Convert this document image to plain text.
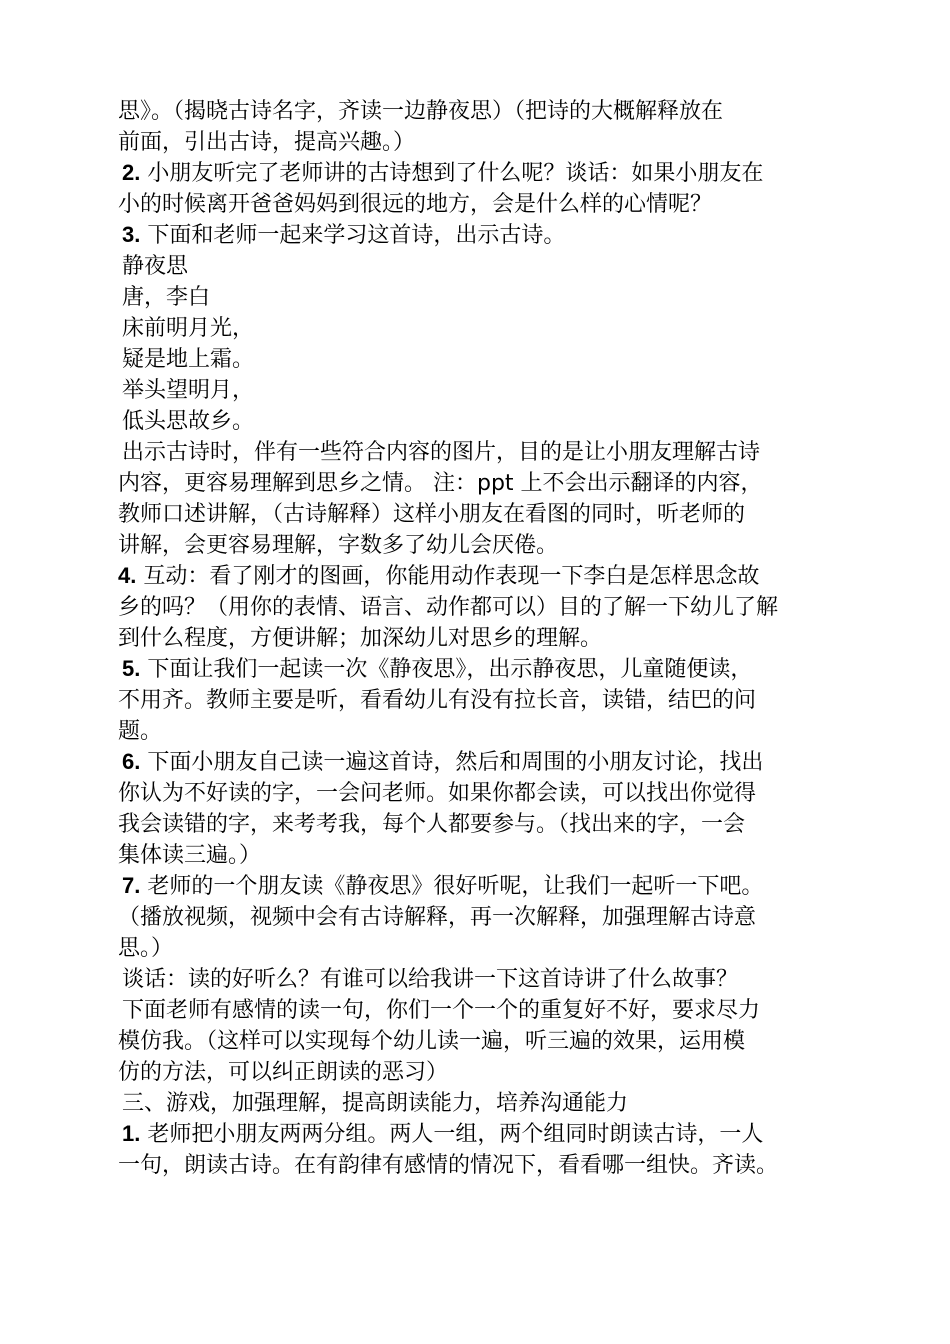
思》。（揭晓古诗名字，齐读一边静夜思）（把诗的大概解释放在
前面，引出古诗，提高兴趣。）
2. 小朋友听完了老师讲的古诗想到了什么呢？谈话：如果小朋友在
小的时候离开爸爸妈妈到很远的地方，会是什么样的心情呢？
3. 下面和老师一起来学习这首诗，出示古诗。
静夜思
唐，李白
床前明月光，
疑是地上霜。
举头望明月，
低头思故乡。
出示古诗时，伴有一些符合内容的图片，目的是让小朋友理解古诗
内容，更容易理解到思乡之情。 注：ppt 上不会出示翻译的内容，
教师口述讲解，（古诗解释）这样小朋友在看图的同时，听老师的
讲解，会更容易理解，字数多了幼儿会厌倦。
4. 互动：看了刚才的图画，你能用动作表现一下李白是怎样思念故
乡的吗？（用你的表情、语言、动作都可以）目的了解一下幼儿了解
到什么程度，方便讲解；加深幼儿对思乡的理解。
5. 下面让我们一起读一次《静夜思》，出示静夜思，儿童随便读，
不用齐。教师主要是听，看看幼儿有没有拉长音，读错，结巴的问
题。
6. 下面小朋友自己读一遍这首诗，然后和周围的小朋友讨论，找出
你认为不好读的字，一会问老师。如果你都会读，可以找出你觉得
我会读错的字，来考考我，每个人都要参与。（找出来的字，一会
集体读三遍。）
7. 老师的一个朋友读《静夜思》很好听呢，让我们一起听一下吧。
（播放视频，视频中会有古诗解释，再一次解释，加强理解古诗意
思。）
谈话：读的好听么？有谁可以给我讲一下这首诗讲了什么故事？
下面老师有感情的读一句，你们一个一个的重复好不好，要求尽力
模仿我。（这样可以实现每个幼儿读一遍，听三遍的效果，运用模
仿的方法，可以纠正朗读的恶习）
三、游戏，加强理解，提高朗读能力，培养沟通能力
1. 老师把小朋友两两分组。两人一组，两个组同时朗读古诗，一人
一句，朗读古诗。在有韵律有感情的情况下，看看哪一组快。齐读。
